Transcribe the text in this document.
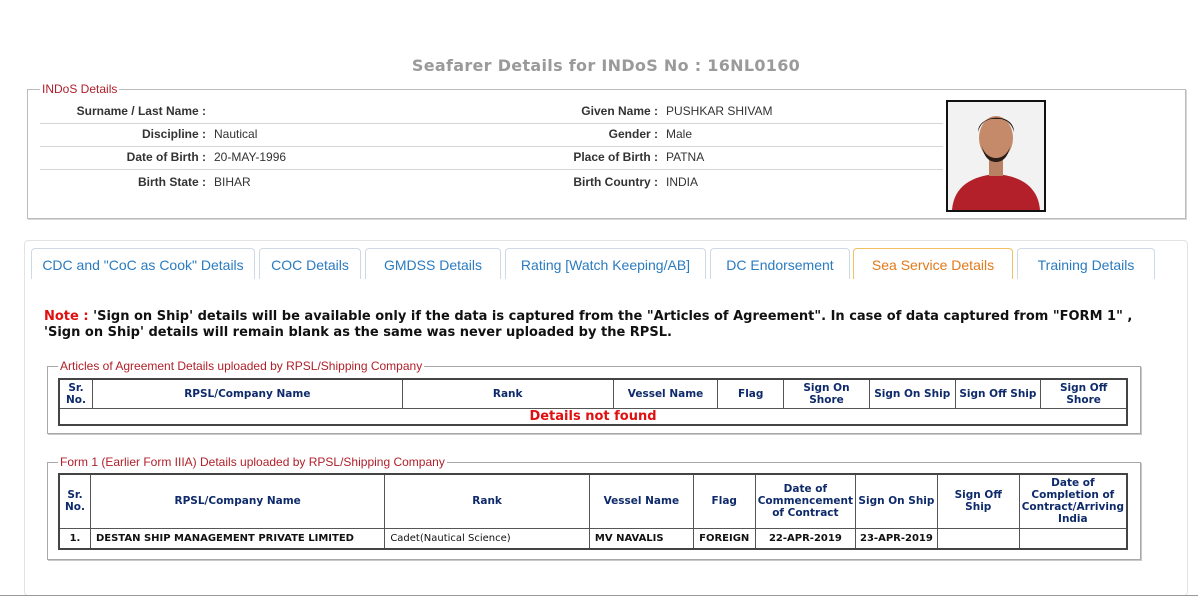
Seafarer Details for INDoS No : 16NL0160
INDoS Details
Surname / Last Name :	Given Name : PUSHKAR SHIVAM
Discipline : Nautical	Gender : Male
Date of Birth : 20-MAY-1996	Place of Birth : PATNA
Birth State : BIHAR	Birth Country : INDIA
CDC and "CoC as Cook" Details	COC Details	GMDSS Details	Rating [Watch Keeping/AB]	DC Endorsement	Sea Service Details	Training Details
Note : 'Sign on Ship' details will be available only if the data is captured from the "Articles of Agreement". In case of data captured from "FORM 1" , 'Sign on Ship' details will remain blank as the same was never uploaded by the RPSL.
Articles of Agreement Details uploaded by RPSL/Shipping Company
Sr. No.	RPSL/Company Name	Rank	Vessel Name	Flag	Sign On Shore	Sign On Ship	Sign Off Ship	Sign Off Shore
Details not found
Form 1 (Earlier Form IIIA) Details uploaded by RPSL/Shipping Company
Sr. No.	RPSL/Company Name	Rank	Vessel Name	Flag	Date of Commencement of Contract	Sign On Ship	Sign Off Ship	Date of Completion of Contract/Arriving India
1.	DESTAN SHIP MANAGEMENT PRIVATE LIMITED	Cadet(Nautical Science)	MV NAVALIS	FOREIGN	22-APR-2019	23-APR-2019		
